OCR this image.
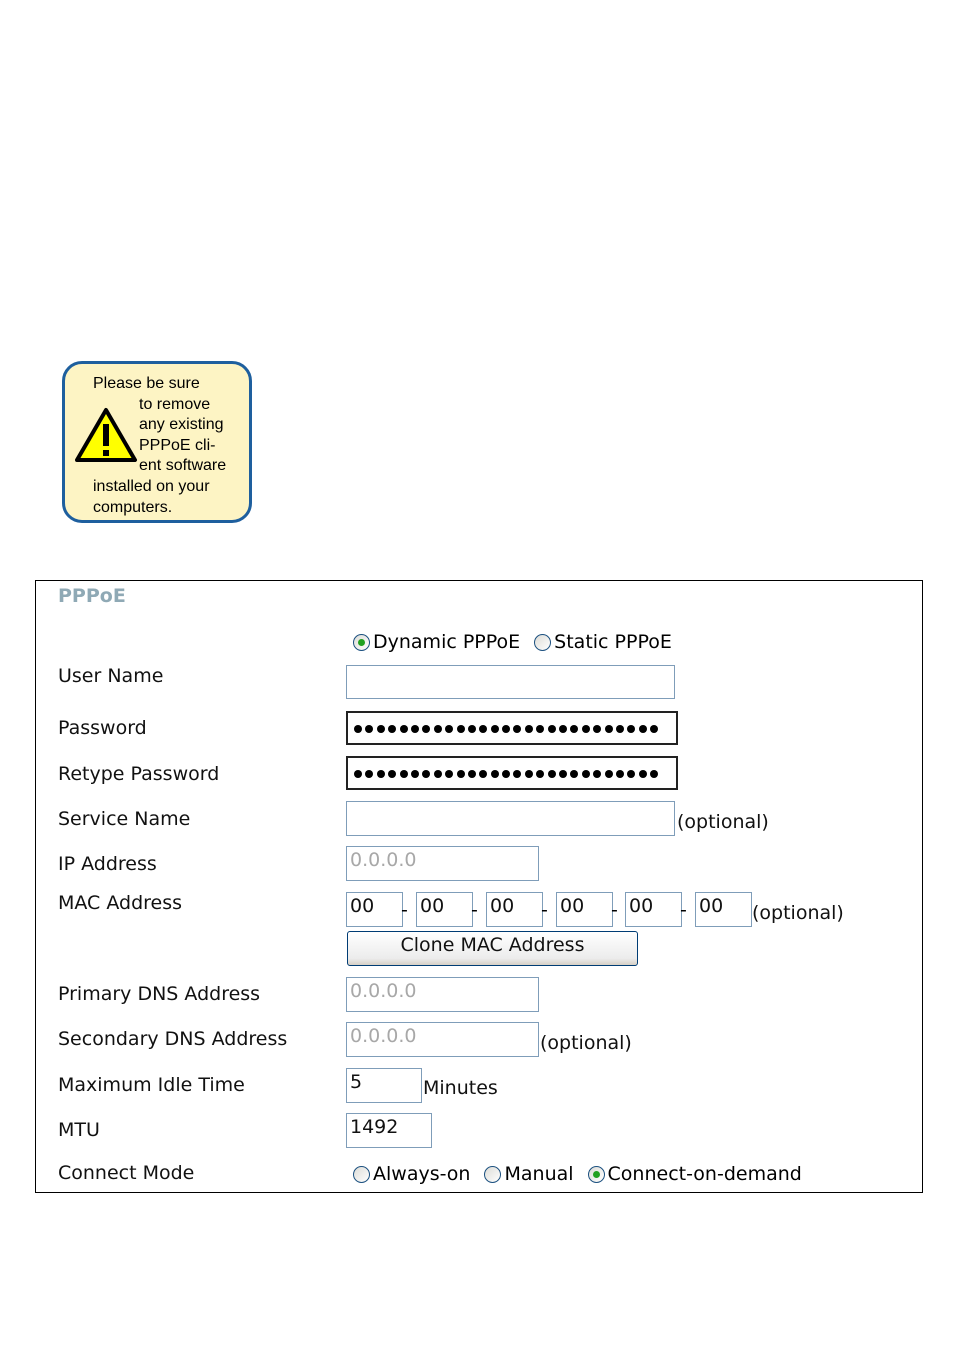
Please be sure
to remove
any existing
PPPoE cli-
ent software
installed on your
computers.
PPPoE
Dynamic PPPoE Static PPPoE
User Name
Password
Retype Password
Service Name	(optional)
IP Address	0.0.0.0
MAC Address	00	- 00	- 00	- 00	- 00	- 00	(optional)
Clone MAC Address
Primary DNS Address	0.0.0.0
Secondary DNS Address	0.0.0.0	(optional)
Maximum Idle Time	5	Minutes
MTU	1492
Connect Mode	Always-on Manual Connect-on-demand
